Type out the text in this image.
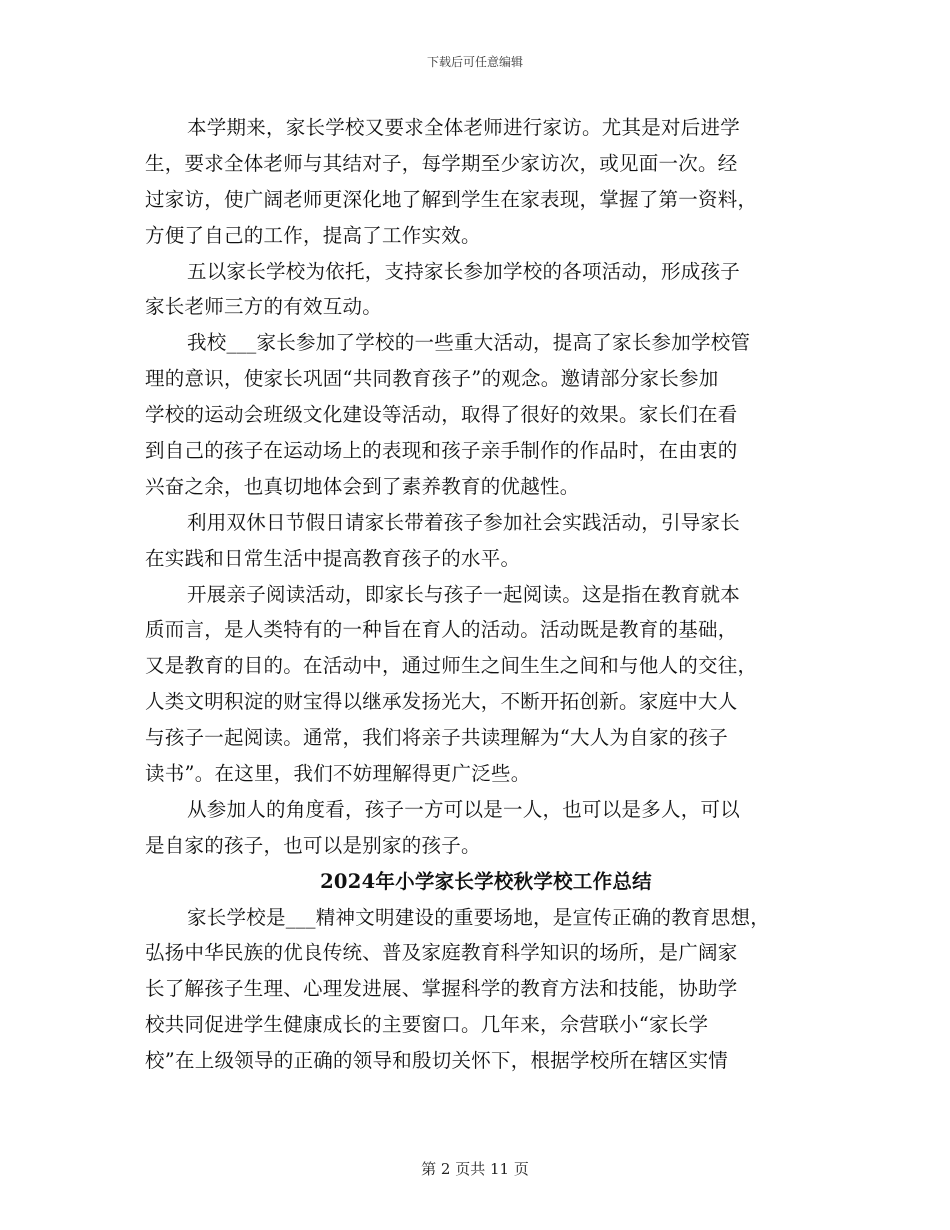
下载后可任意编辑
本学期来，家长学校又要求全体老师进行家访。尤其是对后进学
生，要求全体老师与其结对子，每学期至少家访次，或见面一次。经
过家访，使广阔老师更深化地了解到学生在家表现，掌握了第一资料，
方便了自己的工作，提高了工作实效。
五以家长学校为依托，支持家长参加学校的各项活动，形成孩子
家长老师三方的有效互动。
我校___家长参加了学校的一些重大活动，提高了家长参加学校管
理的意识，使家长巩固“共同教育孩子”的观念。邀请部分家长参加
学校的运动会班级文化建设等活动，取得了很好的效果。家长们在看
到自己的孩子在运动场上的表现和孩子亲手制作的作品时，在由衷的
兴奋之余，也真切地体会到了素养教育的优越性。
利用双休日节假日请家长带着孩子参加社会实践活动，引导家长
在实践和日常生活中提高教育孩子的水平。
开展亲子阅读活动，即家长与孩子一起阅读。这是指在教育就本
质而言，是人类特有的一种旨在育人的活动。活动既是教育的基础，
又是教育的目的。在活动中，通过师生之间生生之间和与他人的交往，
人类文明积淀的财宝得以继承发扬光大，不断开拓创新。家庭中大人
与孩子一起阅读。通常，我们将亲子共读理解为“大人为自家的孩子
读书”。在这里，我们不妨理解得更广泛些。
从参加人的角度看，孩子一方可以是一人，也可以是多人，可以
是自家的孩子，也可以是别家的孩子。
2024年小学家长学校秋学校工作总结
家长学校是___精神文明建设的重要场地，是宣传正确的教育思想，
弘扬中华民族的优良传统、普及家庭教育科学知识的场所，是广阔家
长了解孩子生理、心理发进展、掌握科学的教育方法和技能，协助学
校共同促进学生健康成长的主要窗口。几年来，佘营联小“家长学
校”在上级领导的正确的领导和殷切关怀下，根据学校所在辖区实情
第 2 页共 11 页
